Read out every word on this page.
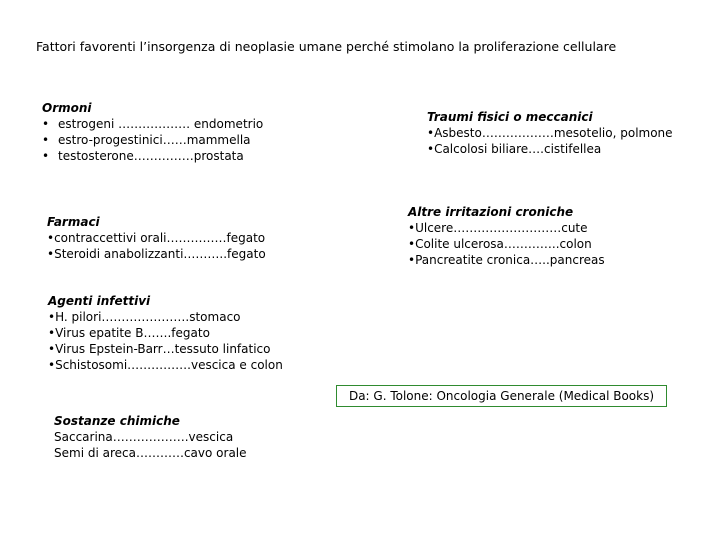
Fattori favorenti l’insorgenza di neoplasie umane perché stimolano la proliferazione cellulare
Ormoni
• estrogeni ……………… endometrio
• estro-progestinici……mammella
• testosterone……………prostata
Traumi fisici o meccanici
•Asbesto………………mesotelio, polmone
•Calcolosi biliare….cistifellea
Farmaci
•contraccettivi orali……………fegato
•Steroidi anabolizzanti………..fegato
Altre irritazioni croniche
•Ulcere………………………cute
•Colite ulcerosa…………..colon
•Pancreatite cronica…..pancreas
Agenti infettivi
•H. pilori………………….stomaco
•Virus epatite B…….fegato
•Virus Epstein-Barr…tessuto linfatico
•Schistosomi…………….vescica e colon
Da: G. Tolone: Oncologia Generale (Medical Books)
Sostanze chimiche
Saccarina……………….vescica
Semi di areca…………cavo orale
